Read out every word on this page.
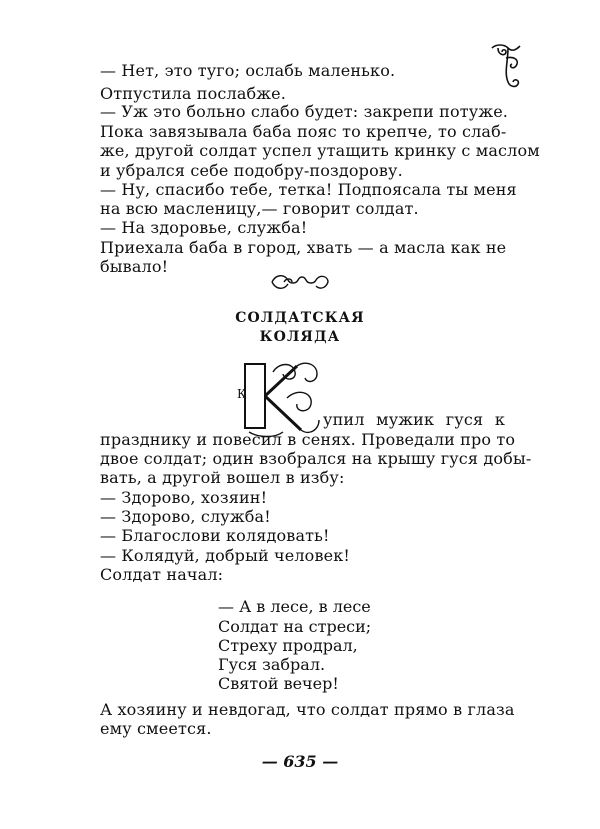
— Нет, это туго; ослабь маленько.
Отпустила послабже.
— Уж это больно слабо будет: закрепи потуже.
Пока завязывала баба пояс то крепче, то слаб-
же, другой солдат успел утащить кринку с маслом
и убрался себе подобру-поздорову.
— Ну, спасибо тебе, тетка! Подпоясала ты меня
на всю масленицу,— говорит солдат.
— На здоровье, служба!
Приехала баба в город, хвать — а масла как не
бывало!
СОЛДАТСКАЯ
КОЛЯДА
К
упил мужик гуся к
празднику и повесил в сенях. Проведали про то
двое солдат; один взобрался на крышу гуся добы-
вать, а другой вошел в избу:
— Здорово, хозяин!
— Здорово, служба!
— Благослови колядовать!
— Колядуй, добрый человек!
Солдат начал:
— А в лесе, в лесе
Солдат на стреси;
Стреху продрал,
Гуся забрал.
Святой вечер!
А хозяину и невдогад, что солдат прямо в глаза
ему смеется.
— 635 —
